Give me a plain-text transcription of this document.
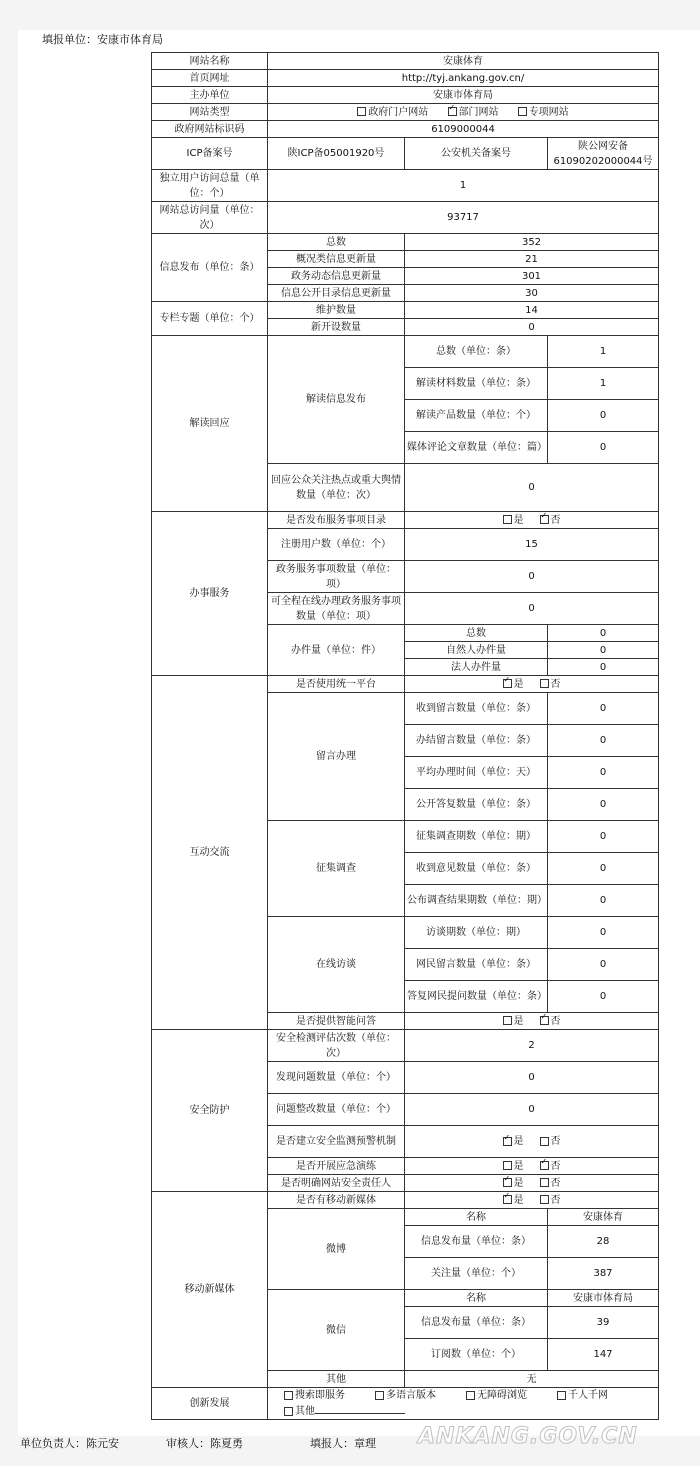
填报单位：安康市体育局
网站名称	安康体育		
首页网址	http://tyj.ankang.gov.cn/		
主办单位	安康市体育局		
网站类型	政府门户网站 ✓ 部门网站 专项网站
政府网站标识码	6109000044		
ICP备案号	陕ICP备05001920号	公安机关备案号	陕公网安备61090202000044号
独立用户访问总量（单位：个）	1		
网站总访问量（单位：次）	93717		
信息发布（单位：条）	总数	352	
	概况类信息更新量	21	
	政务动态信息更新量	301	
	信息公开目录信息更新量	30	
专栏专题（单位：个）	维护数量	14	
	新开设数量	0	
解读回应	解读信息发布	总数（单位：条）	1
		解读材料数量（单位：条）	1
		解读产品数量（单位：个）	0
		媒体评论文章数量（单位：篇）	0
	回应公众关注热点或重大舆情数量（单位：次）	0	
办事服务	是否发布服务事项目录	是 ✓ 否
	注册用户数（单位：个）	15	
	政务服务事项数量（单位：项）	0	
	可全程在线办理政务服务事项数量（单位：项）	0	
	办件量（单位：件）	总数	0
		自然人办件量	0
		法人办件量	0
互动交流	是否使用统一平台	✓是 否
	留言办理	收到留言数量（单位：条）	0
		办结留言数量（单位：条）	0
		平均办理时间（单位：天）	0
		公开答复数量（单位：条）	0
	征集调查	征集调查期数（单位：期）	0
		收到意见数量（单位：条）	0
		公布调查结果期数（单位：期）	0
	在线访谈	访谈期数（单位：期）	0
		网民留言数量（单位：条）	0
		答复网民提问数量（单位：条）	0
	是否提供智能问答	是 ✓ 否
安全防护	安全检测评估次数（单位：次）	2	
	发现问题数量（单位：个）	0	
	问题整改数量（单位：个）	0	
	是否建立安全监测预警机制	✓是 否
	是否开展应急演练	是 ✓ 否
	是否明确网站安全责任人	✓是 否
移动新媒体	是否有移动新媒体	✓是 否
	微博	名称	安康体育
		信息发布量（单位：条）	28
		关注量（单位：个）	387
	微信	名称	安康市体育局
		信息发布量（单位：条）	39
		订阅数（单位：个）	147
	其他	无	
创新发展	搜索即服务 多语言版本 无障碍浏览 千人千网
其他		
ANKANG.GOV.CN
单位负责人：陈元安	审核人：陈夏勇	填报人：章理
